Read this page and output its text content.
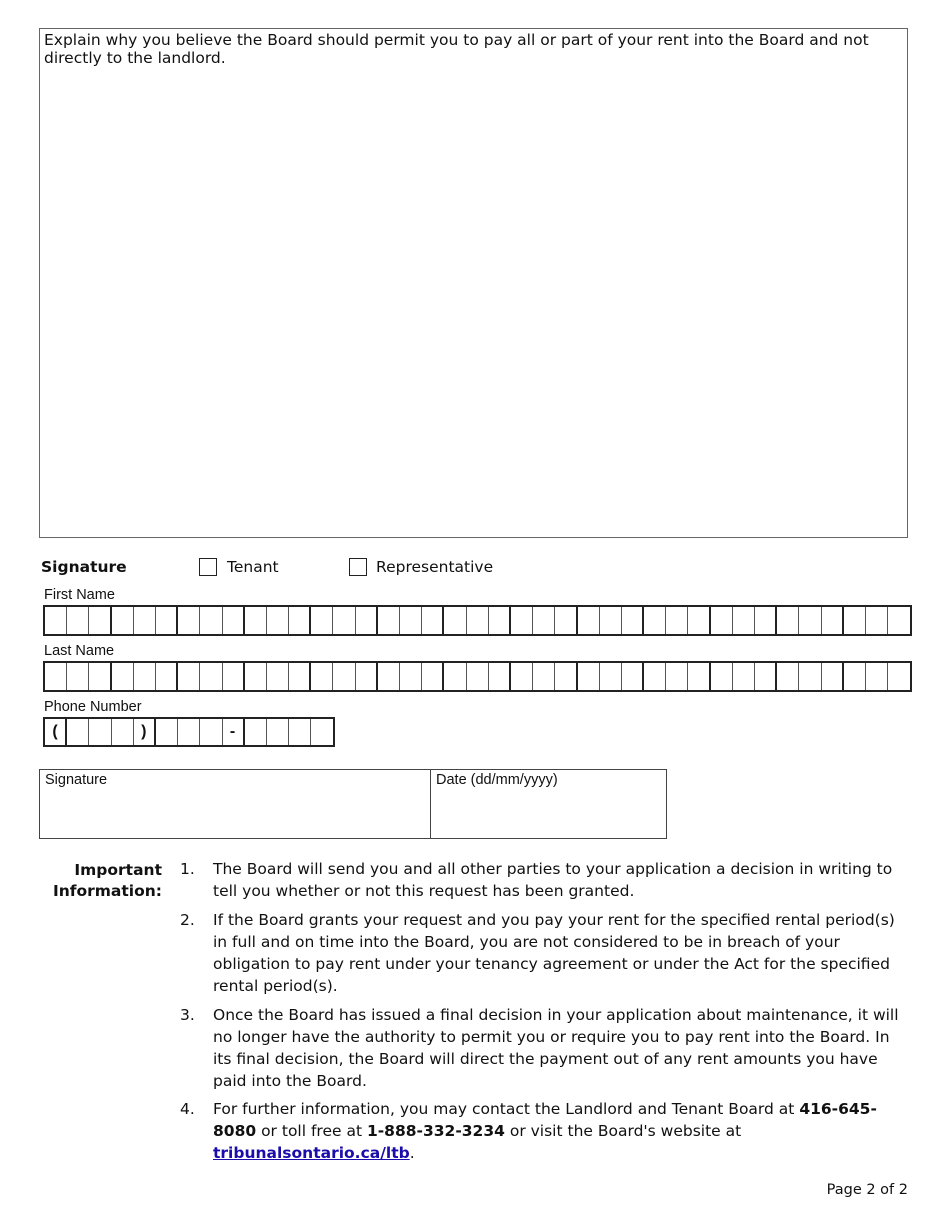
Explain why you believe the Board should permit you to pay all or part of your rent into the Board and not directly to the landlord.
Signature	Tenant	Representative
First Name
Last Name
Phone Number
(	)	-
Signature	Date (dd/mm/yyyy)
Important
Information:
1.	The Board will send you and all other parties to your application a decision in writing to tell you whether or not this request has been granted.
2.	If the Board grants your request and you pay your rent for the specified rental period(s) in full and on time into the Board, you are not considered to be in breach of your obligation to pay rent under your tenancy agreement or under the Act for the specified rental period(s).
3.	Once the Board has issued a final decision in your application about maintenance, it will no longer have the authority to permit you or require you to pay rent into the Board. In its final decision, the Board will direct the payment out of any rent amounts you have paid into the Board.
4.	For further information, you may contact the Landlord and Tenant Board at 416-645-8080 or toll free at 1-888-332-3234 or visit the Board's website at tribunalsontario.ca/ltb.
Page 2 of 2
